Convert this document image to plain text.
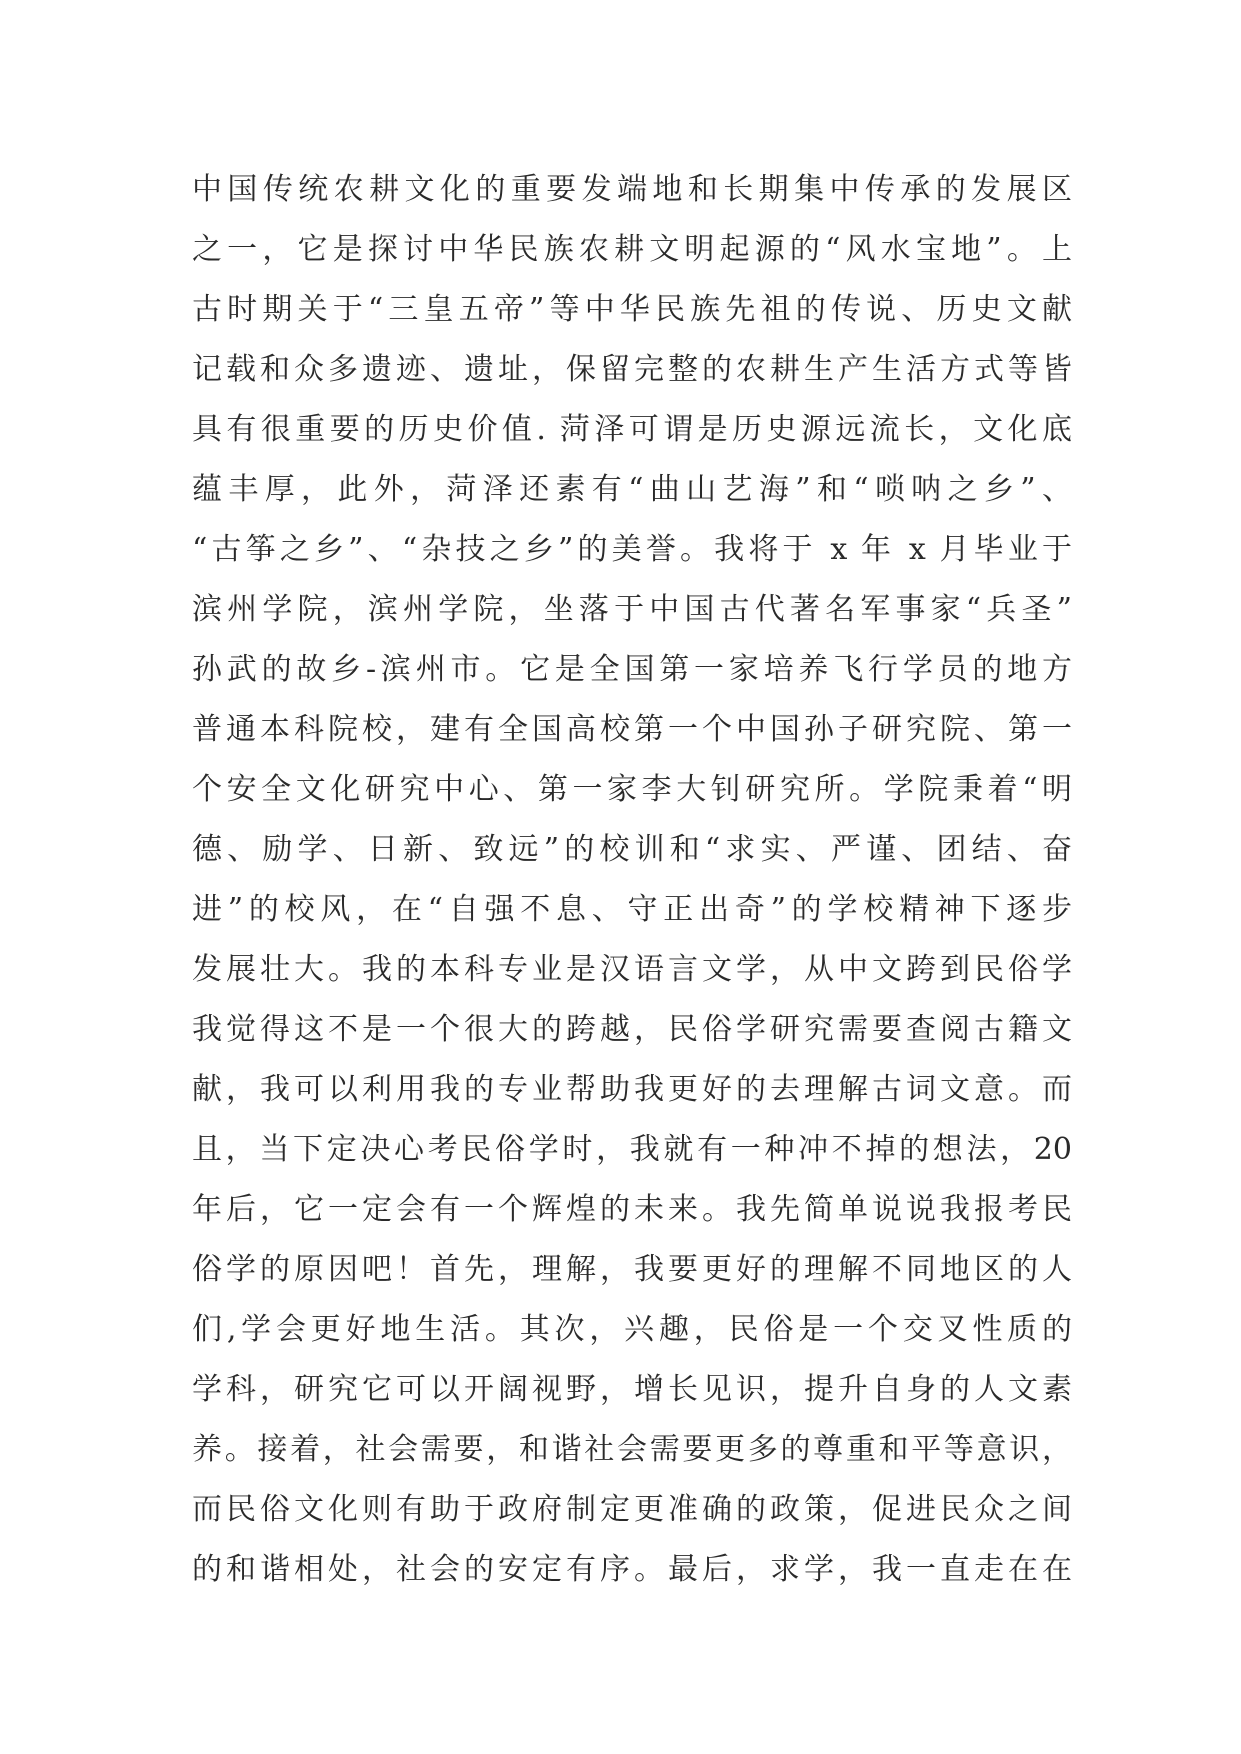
中国传统农耕文化的重要发端地和长期集中传承的发展区
之一，它是探讨中华民族农耕文明起源的“风水宝地”。上
古时期关于“三皇五帝”等中华民族先祖的传说、历史文献
记载和众多遗迹、遗址，保留完整的农耕生产生活方式等皆
具有很重要的历史价值. 菏泽可谓是历史源远流长，文化底
蕴丰厚，此外，菏泽还素有“曲山艺海”和“唢呐之乡”、
“古筝之乡”、“杂技之乡”的美誉。我将于 x 年 x 月毕业于
滨州学院，滨州学院，坐落于中国古代著名军事家“兵圣”
孙武的故乡-滨州市。它是全国第一家培养飞行学员的地方
普通本科院校，建有全国高校第一个中国孙子研究院、第一
个安全文化研究中心、第一家李大钊研究所。学院秉着“明
德、励学、日新、致远”的校训和“求实、严谨、团结、奋
进”的校风，在“自强不息、守正出奇”的学校精神下逐步
发展壮大。我的本科专业是汉语言文学，从中文跨到民俗学
我觉得这不是一个很大的跨越，民俗学研究需要查阅古籍文
献，我可以利用我的专业帮助我更好的去理解古词文意。而
且，当下定决心考民俗学时，我就有一种冲不掉的想法，20
年后，它一定会有一个辉煌的未来。我先简单说说我报考民
俗学的原因吧！首先，理解，我要更好的理解不同地区的人
们,学会更好地生活。其次，兴趣，民俗是一个交叉性质的
学科，研究它可以开阔视野，增长见识，提升自身的人文素
养。接着，社会需要，和谐社会需要更多的尊重和平等意识，
而民俗文化则有助于政府制定更准确的政策，促进民众之间
的和谐相处，社会的安定有序。最后，求学，我一直走在在
